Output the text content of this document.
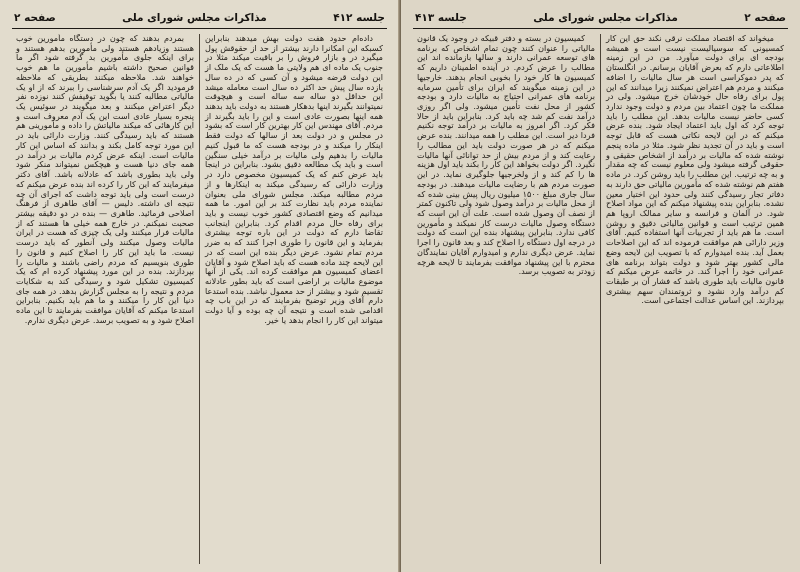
جلسه ۴۱۲
مذاکرات مجلس شورای ملی
صفحه ۲

داده‌ام حدود هفت دولت بهش میدهند بنابراین کسبکه این امکانرا دارند بیشتر از حد از حقوقش پول میگیرد در و بازار فروش را بر باقیت میکند مثلا در جنوب یک ماده ای هم ولایتی ما هست که یک ملک از این دولت قرضه میشود و آن کسی که در ده سال یازده سال پیش حد اکثر ده سال است معامله میشد این حداقل دو ساله سه ساله است و هیچوقت نمیتوانند بگیرند اینها بدهکار هستند به دولت باید بدهند همه اینها بصورت عادی است و این را باید بگیرند از مردم. آقای مهندس این کار بهترین کار است که بشود در مجلس و در دولت بعد از سالها که دولت فقط اینکار را میکند و در بودجه هست که ما قبول کنیم مالیات را بدهیم ولی مالیات بر درآمد خیلی سنگین است و باید یک مطالعه دقیق بشود. بنابراین در اینجا باید عرض کنم که یک کمیسیون مخصوص دارد در وزارت دارائی که رسیدگی میکند به اینکارها و از مردم مطالبه میکند. مجلس شورای ملی بعنوان نماینده مردم باید نظارت کند بر این امور. ما همه میدانیم که وضع اقتصادی کشور خوب نیست و باید برای رفاه حال مردم اقدام کرد. بنابراین اینجانب تقاضا دارم که دولت در این باره توجه بیشتری بفرماید و این قانون را طوری اجرا کنند که به ضرر مردم تمام نشود. عرض دیگر بنده این است که در این لایحه چند ماده هست که باید اصلاح شود و آقایان اعضای کمیسیون هم موافقت کرده اند. یکی از آنها موضوع مالیات بر اراضی است که باید بطور عادلانه تقسیم شود و بیشتر از حد معمول نباشد. بنده استدعا دارم آقای وزیر توضیح بفرمایند که در این باب چه اقدامی شده است و نتیجه آن چه بوده و آیا دولت میتواند این کار را انجام بدهد یا خیر.

بمردم بدهند که چون در دستگاه مأمورین خوب هستند وزیادهم هستند ولی مأمورین بدهم هستند و برای اینکه جلوی مأمورین بد گرفته شود اگر ما قوانین صحیح داشته باشیم مأمورین ما هم خوب خواهند شد. ملاحظه میکنند بطریقی که ملاحظه فرمودید اگر یک آدم سرشناسی را ببرند که از او یک مالیاتی مطالبه کنند یا بگوید توقیفش کنند نوزده نفر دیگر اعتراض میکنند و بعد میگویند در سوئیس یک پنجره بسیار عادی است این یک آدم معروف است و این کارهائی که میکند مالیاتش را داده و مأمورینی هم هستند که باید رسیدگی کنند. وزارت دارائی باید در این مورد توجه کامل بکند و بدانند که اساس این کار مالیات است. اینکه عرض کردم مالیات بر درآمد در همه جای دنیا هست و هیچکس نمیتواند منکر شود ولی باید بطوری باشد که عادلانه باشد. آقای دکتر میفرمایند که این کار را کرده اند بنده عرض میکنم که درست است ولی باید توجه داشت که اجرای آن چه نتیجه ای داشته. دلیس — آقای طاهری از فرهنگ اصلاحی فرمائید. طاهری — بنده در دو دقیقه بیشتر صحبت نمیکنم. در خارج همه خیلی ها هستند که از مالیات فرار میکنند ولی یک چیزی که هست در ایران مالیات وصول میکنند ولی آنطور که باید درست نیست. ما باید این کار را اصلاح کنیم و قانون را طوری بنویسیم که مردم راضی باشند و مالیات را بپردازند. بنده در این مورد پیشنهاد کرده ام که یک کمیسیون تشکیل شود و رسیدگی کند به شکایات مردم و نتیجه را به مجلس گزارش بدهد. در همه جای دنیا این کار را میکنند و ما هم باید بکنیم. بنابراین استدعا میکنم که آقایان موافقت بفرمایند تا این ماده اصلاح شود و به تصویب برسد. عرض دیگری ندارم.

صفحه ۲
مذاکرات مجلس شورای ملی
جلسه ۴۱۳

میخواند که اقتصاد مملکت نرقی نکند حق این کار کمسیونی که سوسیالیست نیست است و همیشه بودجه ای برای دولت میآورد. من در این زمینه اطلاعاتی دارم که بعرض آقایان برسانم. در انگلستان که پدر دموکراسی است هر سال مالیات را اضافه میکنند و مردم هم اعتراض نمیکنند زیرا میدانند که این پول برای رفاه حال خودشان خرج میشود. ولی در مملکت ما چون اعتماد بین مردم و دولت وجود ندارد کسی حاضر نیست مالیات بدهد. این مطلب را باید توجه کرد که اول باید اعتماد ایجاد شود. بنده عرض میکنم که در این لایحه نکاتی هست که قابل توجه است و باید در آن تجدید نظر شود. مثلا در ماده پنجم نوشته شده که مالیات بر درآمد از اشخاص حقیقی و حقوقی گرفته میشود ولی معلوم نیست که چه مقدار و به چه ترتیب. این مطلب را باید روشن کرد. در ماده هفتم هم نوشته شده که مأمورین مالیاتی حق دارند به دفاتر تجار رسیدگی کنند ولی حدود این اختیار معین نشده. بنابراین بنده پیشنهاد میکنم که این مواد اصلاح شود. در آلمان و فرانسه و سایر ممالک اروپا هم همین ترتیب است و قوانین مالیاتی دقیق و روشن است. ما هم باید از تجربیات آنها استفاده کنیم. آقای وزیر دارائی هم موافقت فرموده اند که این اصلاحات بعمل آید. بنده امیدوارم که با تصویب این لایحه وضع مالی کشور بهتر شود و دولت بتواند برنامه های عمرانی خود را اجرا کند. در خاتمه عرض میکنم که قانون مالیات باید طوری باشد که فشار آن بر طبقات کم درآمد وارد نشود و ثروتمندان سهم بیشتری بپردازند. این اساس عدالت اجتماعی است.

کمیسیون در بسته و دفتر قبیکه در وجود یک قانون مالیاتی را عنوان کنند چون تمام اشخاص که برنامه های توسعه عمرانی دارند و سالها بازمانده اند این مطالب را عرض کردم. در آینده اطمینان داریم که کمیسیون ها کار خود را بخوبی انجام بدهند. خارجیها در این زمینه میگویند که ایران برای تأمین سرمایه برنامه های عمرانی احتیاج به مالیات دارد و بودجه کشور از محل نفت تأمین میشود. ولی اگر روزی درآمد نفت کم شد چه باید کرد. بنابراین باید از حالا فکر کرد. اگر امروز به مالیات بر درآمد توجه نکنیم فردا دیر است. این مطلب را همه میدانند. بنده عرض میکنم که در هر صورت دولت باید این مطالب را رعایت کند و از مردم بیش از حد توانائی آنها مالیات نگیرد. اگر دولت بخواهد این کار را بکند باید اول هزینه ها را کم کند و از ولخرجیها جلوگیری نماید. در این صورت مردم هم با رضایت مالیات میدهند. در بودجه سال جاری مبلغ ۱۵۰۰ میلیون ریال پیش بینی شده که از محل مالیات بر درآمد وصول شود ولی تاکنون کمتر از نصف آن وصول شده است. علت آن این است که دستگاه وصول مالیات درست کار نمیکند و مأمورین کافی ندارد. بنابراین پیشنهاد بنده این است که دولت در درجه اول دستگاه را اصلاح کند و بعد قانون را اجرا نماید. عرض دیگری ندارم و امیدوارم آقایان نمایندگان محترم با این پیشنهاد موافقت بفرمایند تا لایحه هرچه زودتر به تصویب برسد.
